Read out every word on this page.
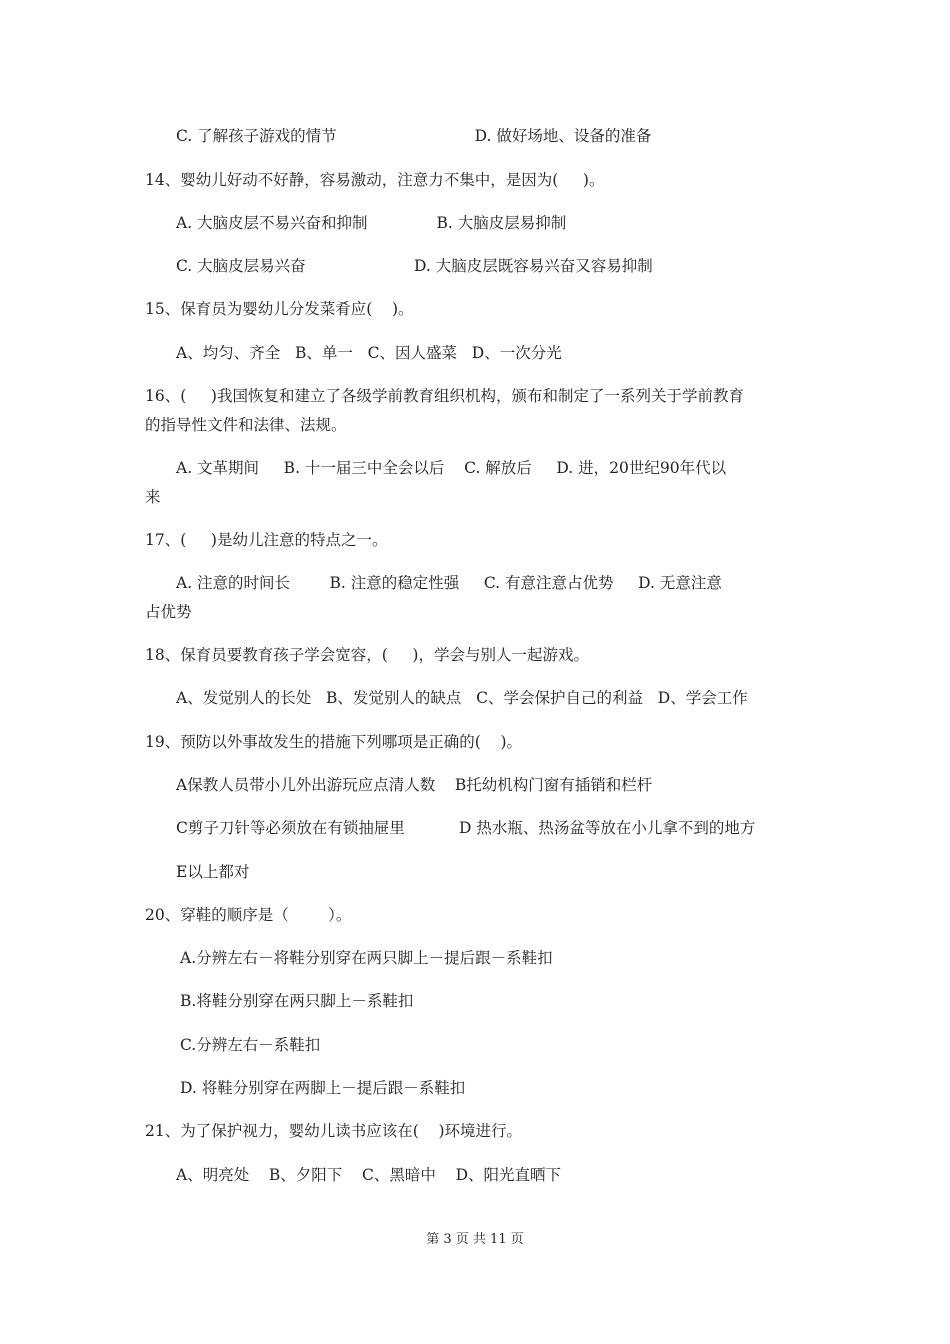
C. 了解孩子游戏的情节                            D. 做好场地、设备的准备
14、婴幼儿好动不好静，容易激动，注意力不集中，是因为(     )。
A. 大脑皮层不易兴奋和抑制              B. 大脑皮层易抑制
C. 大脑皮层易兴奋                      D. 大脑皮层既容易兴奋又容易抑制
15、保育员为婴幼儿分发菜肴应(    )。
A、均匀、齐全   B、单一   C、因人盛菜   D、一次分光
16、(     )我国恢复和建立了各级学前教育组织机构，颁布和制定了一系列关于学前教育
的指导性文件和法律、法规。
A. 文革期间     B. 十一届三中全会以后    C. 解放后     D. 进，20世纪90年代以
来
17、(     )是幼儿注意的特点之一。
A. 注意的时间长        B. 注意的稳定性强     C. 有意注意占优势     D. 无意注意
占优势
18、保育员要教育孩子学会宽容，(     )，学会与别人一起游戏。
A、发觉别人的长处   B、发觉别人的缺点   C、学会保护自己的利益   D、学会工作
19、预防以外事故发生的措施下列哪项是正确的(    )。
A保教人员带小儿外出游玩应点清人数    B托幼机构门窗有插销和栏杆
C剪子刀针等必须放在有锁抽屉里           D 热水瓶、热汤盆等放在小儿拿不到的地方
E以上都对
20、穿鞋的顺序是（        ）。
A.分辨左右－将鞋分别穿在两只脚上－提后跟－系鞋扣
B.将鞋分别穿在两只脚上－系鞋扣
C.分辨左右－系鞋扣
D. 将鞋分别穿在两脚上－提后跟－系鞋扣
21、为了保护视力，婴幼儿读书应该在(    )环境进行。
A、明亮处    B、夕阳下    C、黑暗中    D、阳光直晒下
第 3 页 共 11 页
